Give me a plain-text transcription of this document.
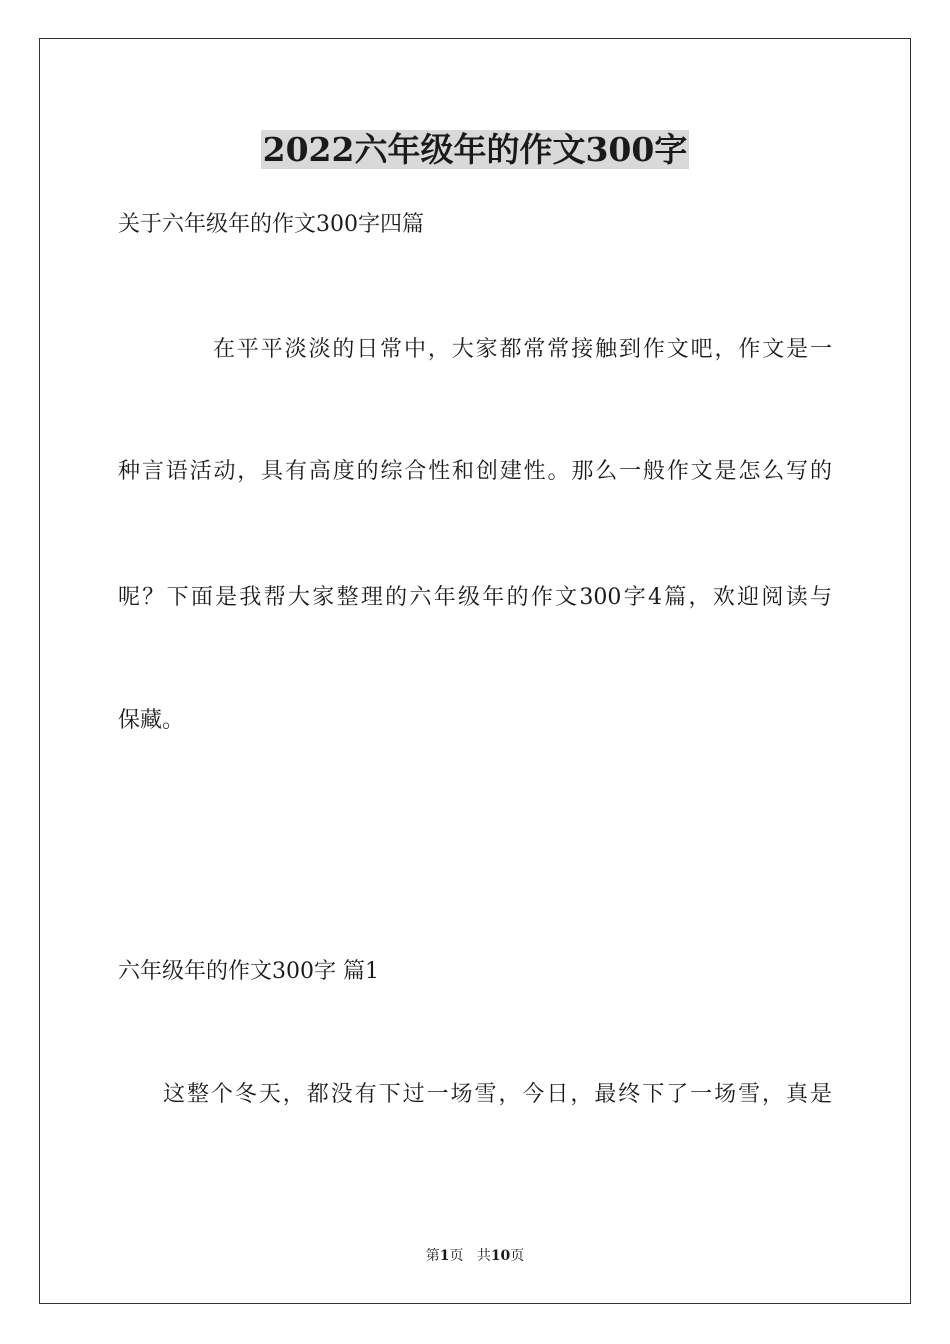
2022六年级年的作文300字
关于六年级年的作文300字四篇
在平平淡淡的日常中，大家都常常接触到作文吧，作文是一
种言语活动，具有高度的综合性和创建性。那么一般作文是怎么写的
呢？下面是我帮大家整理的六年级年的作文300字4篇，欢迎阅读与
保藏。
六年级年的作文300字 篇1
这整个冬天，都没有下过一场雪，今日，最终下了一场雪，真是
第1页 共10页
